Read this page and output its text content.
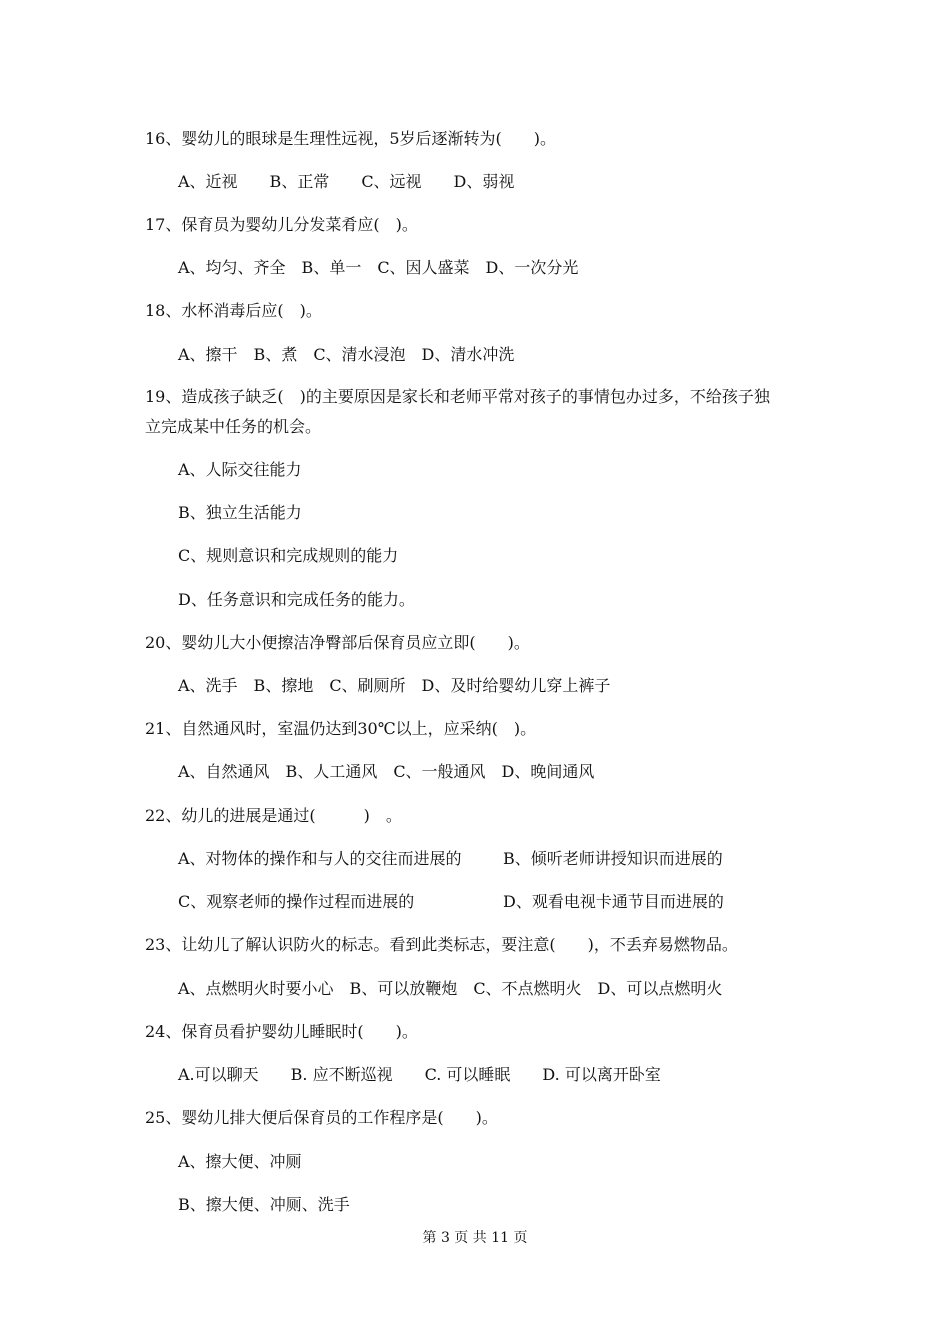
16、婴幼儿的眼球是生理性远视，5岁后逐渐转为(　　)。
A、近视　　B、正常　　C、远视　　D、弱视
17、保育员为婴幼儿分发菜肴应(　)。
A、均匀、齐全　B、单一　C、因人盛菜　D、一次分光
18、水杯消毒后应(　)。
A、擦干　B、煮　C、清水浸泡　D、清水冲洗
19、造成孩子缺乏(　)的主要原因是家长和老师平常对孩子的事情包办过多，不给孩子独
立完成某中任务的机会。
A、人际交往能力
B、独立生活能力
C、规则意识和完成规则的能力
D、任务意识和完成任务的能力。
20、婴幼儿大小便擦洁净臀部后保育员应立即(　　)。
A、洗手　B、擦地　C、刷厕所　D、及时给婴幼儿穿上裤子
21、自然通风时，室温仍达到30℃以上，应采纳(　)。
A、自然通风　B、人工通风　C、一般通风　D、晚间通风
22、幼儿的进展是通过(　　　)　。
A、对物体的操作和与人的交往而进展的	B、倾听老师讲授知识而进展的
C、观察老师的操作过程而进展的	D、观看电视卡通节目而进展的
23、让幼儿了解认识防火的标志。看到此类标志，要注意(　　)，不丢弃易燃物品。
A、点燃明火时要小心　B、可以放鞭炮　C、不点燃明火　D、可以点燃明火
24、保育员看护婴幼儿睡眠时(　　)。
A.可以聊天　　B. 应不断巡视　　C. 可以睡眠　　D. 可以离开卧室
25、婴幼儿排大便后保育员的工作程序是(　　)。
A、擦大便、冲厕
B、擦大便、冲厕、洗手
第 3 页 共 11 页
